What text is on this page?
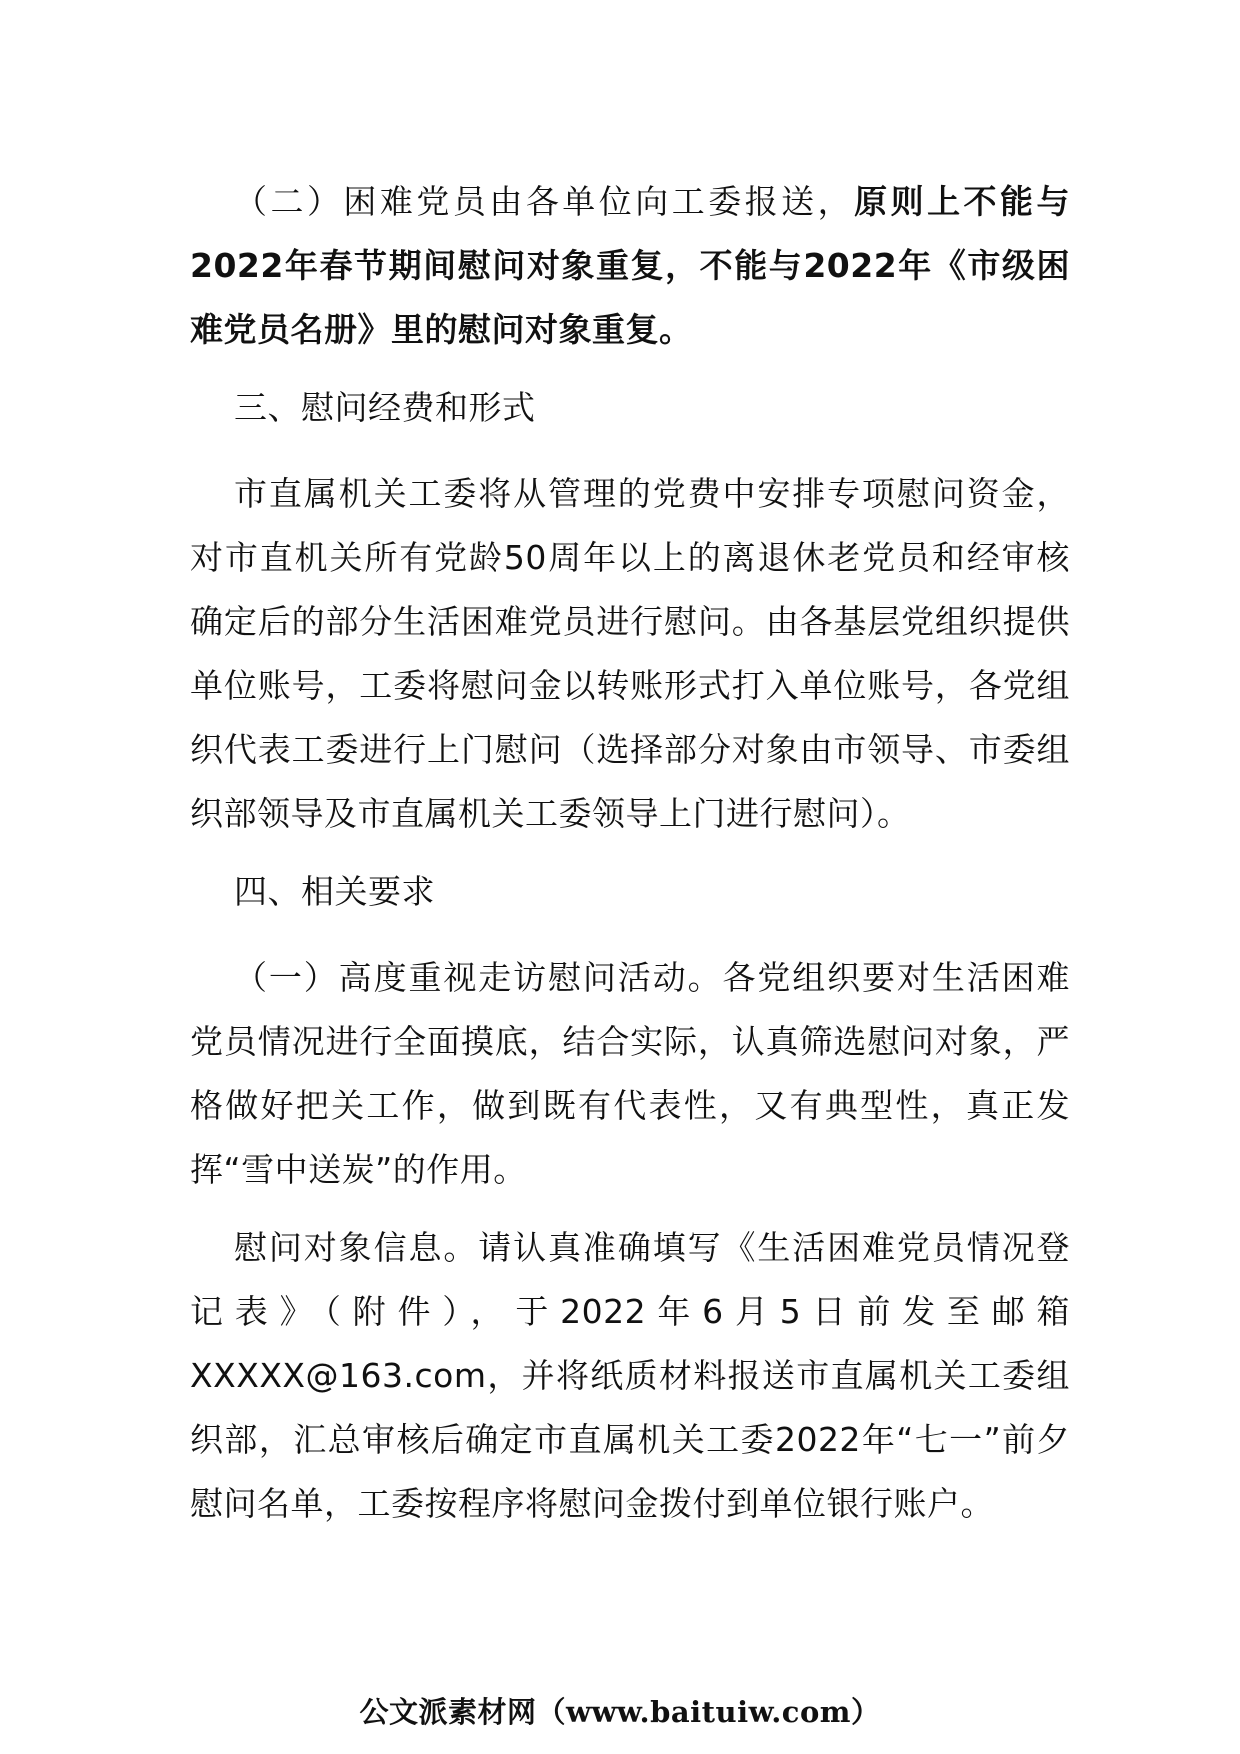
（二）困难党员由各单位向工委报送，原则上不能与2022年春节期间慰问对象重复，不能与2022年《市级困难党员名册》里的慰问对象重复。

三、慰问经费和形式

市直属机关工委将从管理的党费中安排专项慰问资金，对市直机关所有党龄50周年以上的离退休老党员和经审核确定后的部分生活困难党员进行慰问。由各基层党组织提供单位账号，工委将慰问金以转账形式打入单位账号，各党组织代表工委进行上门慰问（选择部分对象由市领导、市委组织部领导及市直属机关工委领导上门进行慰问）。

四、相关要求

（一）高度重视走访慰问活动。各党组织要对生活困难党员情况进行全面摸底，结合实际，认真筛选慰问对象，严格做好把关工作，做到既有代表性，又有典型性，真正发挥“雪中送炭”的作用。

慰问对象信息。请认真准确填写《生活困难党员情况登记表》（附件），于2022年6月5日前发至邮箱XXXXX@163.com，并将纸质材料报送市直属机关工委组织部，汇总审核后确定市直属机关工委2022年“七一”前夕慰问名单，工委按程序将慰问金拨付到单位银行账户。

公文派素材网（www.baituiw.com）
